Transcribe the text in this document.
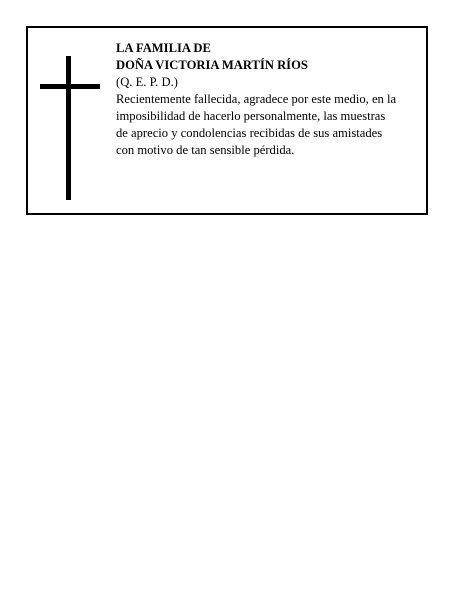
LA FAMILIA DE
DOÑA VICTORIA MARTÍN RÍOS
(Q. E. P. D.)
Recientemente fallecida, agradece por este medio, en la
imposibilidad de hacerlo personalmente, las muestras
de aprecio y condolencias recibidas de sus amistades
con motivo de tan sensible pérdida.
